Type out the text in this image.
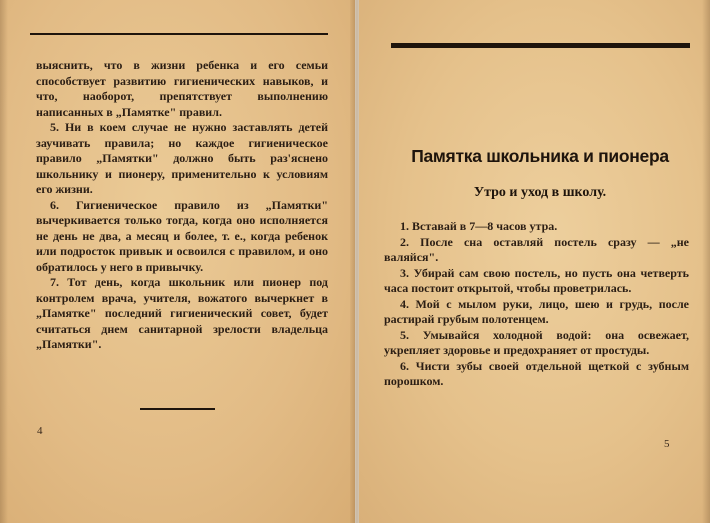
выяснить, что в жизни ребенка и его семьи способствует развитию гигиенических навыков, и что, наоборот, препятствует выполнению написанных в „Памятке" правил.

5. Ни в коем случае не нужно заставлять детей заучивать правила; но каждое гигиеническое правило „Памятки" должно быть раз'яснено школьнику и пионеру, применительно к условиям его жизни.

6. Гигиеническое правило из „Памятки" вычеркивается только тогда, когда оно исполняется не день не два, а месяц и более, т. е., когда ребенок или подросток привык и освоился с правилом, и оно обратилось у него в привычку.

7. Тот день, когда школьник или пионер под контролем врача, учителя, вожатого вычеркнет в „Памятке" последний гигиенический совет, будет считаться днем санитарной зрелости владельца „Памятки".

4
Памятка школьника и пионера
Утро и уход в школу.

1. Вставай в 7—8 часов утра.

2. После сна оставляй постель сразу — „не валяйся".

3. Убирай сам свою постель, но пусть она четверть часа постоит открытой, чтобы проветрилась.

4. Мой с мылом руки, лицо, шею и грудь, после растирай грубым полотенцем.

5. Умывайся холодной водой: она освежает, укрепляет здоровье и предохраняет от простуды.

6. Чисти зубы своей отдельной щеткой с зубным порошком.

5
